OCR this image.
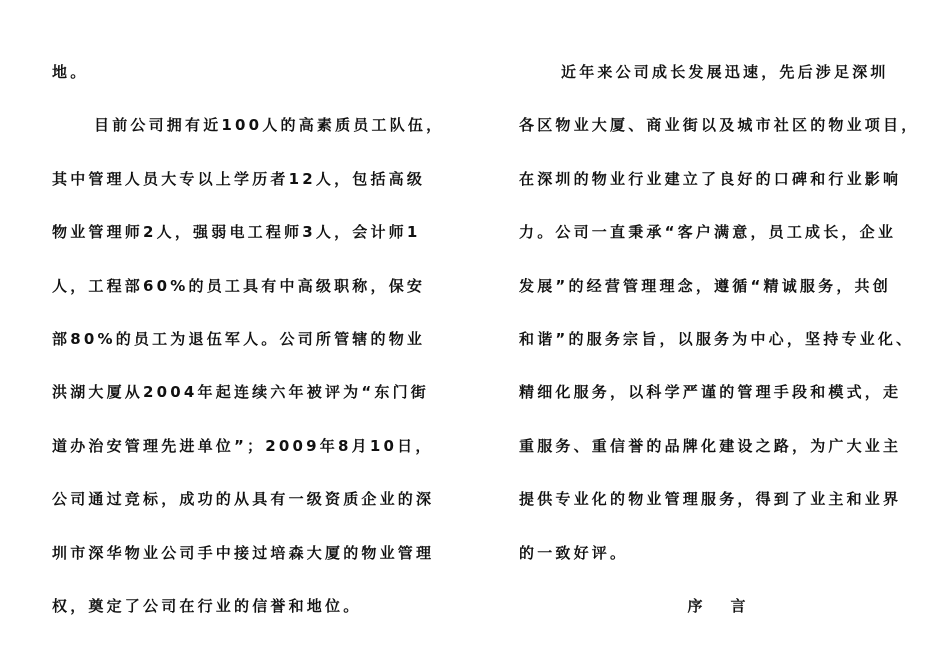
地。
目前公司拥有近100人的高素质员工队伍，
其中管理人员大专以上学历者12人，包括高级
物业管理师2人，强弱电工程师3人，会计师1
人，工程部60%的员工具有中高级职称，保安
部80%的员工为退伍军人。公司所管辖的物业
洪湖大厦从2004年起连续六年被评为“东门街
道办治安管理先进单位”；2009年8月10日，
公司通过竞标，成功的从具有一级资质企业的深
圳市深华物业公司手中接过培森大厦的物业管理
权，奠定了公司在行业的信誉和地位。
近年来公司成长发展迅速，先后涉足深圳
各区物业大厦、商业街以及城市社区的物业项目，
在深圳的物业行业建立了良好的口碑和行业影响
力。公司一直秉承“客户满意，员工成长，企业
发展”的经营管理理念，遵循“精诚服务，共创
和谐”的服务宗旨，以服务为中心，坚持专业化、
精细化服务，以科学严谨的管理手段和模式，走
重服务、重信誉的品牌化建设之路，为广大业主
提供专业化的物业管理服务，得到了业主和业界
的一致好评。
序言
